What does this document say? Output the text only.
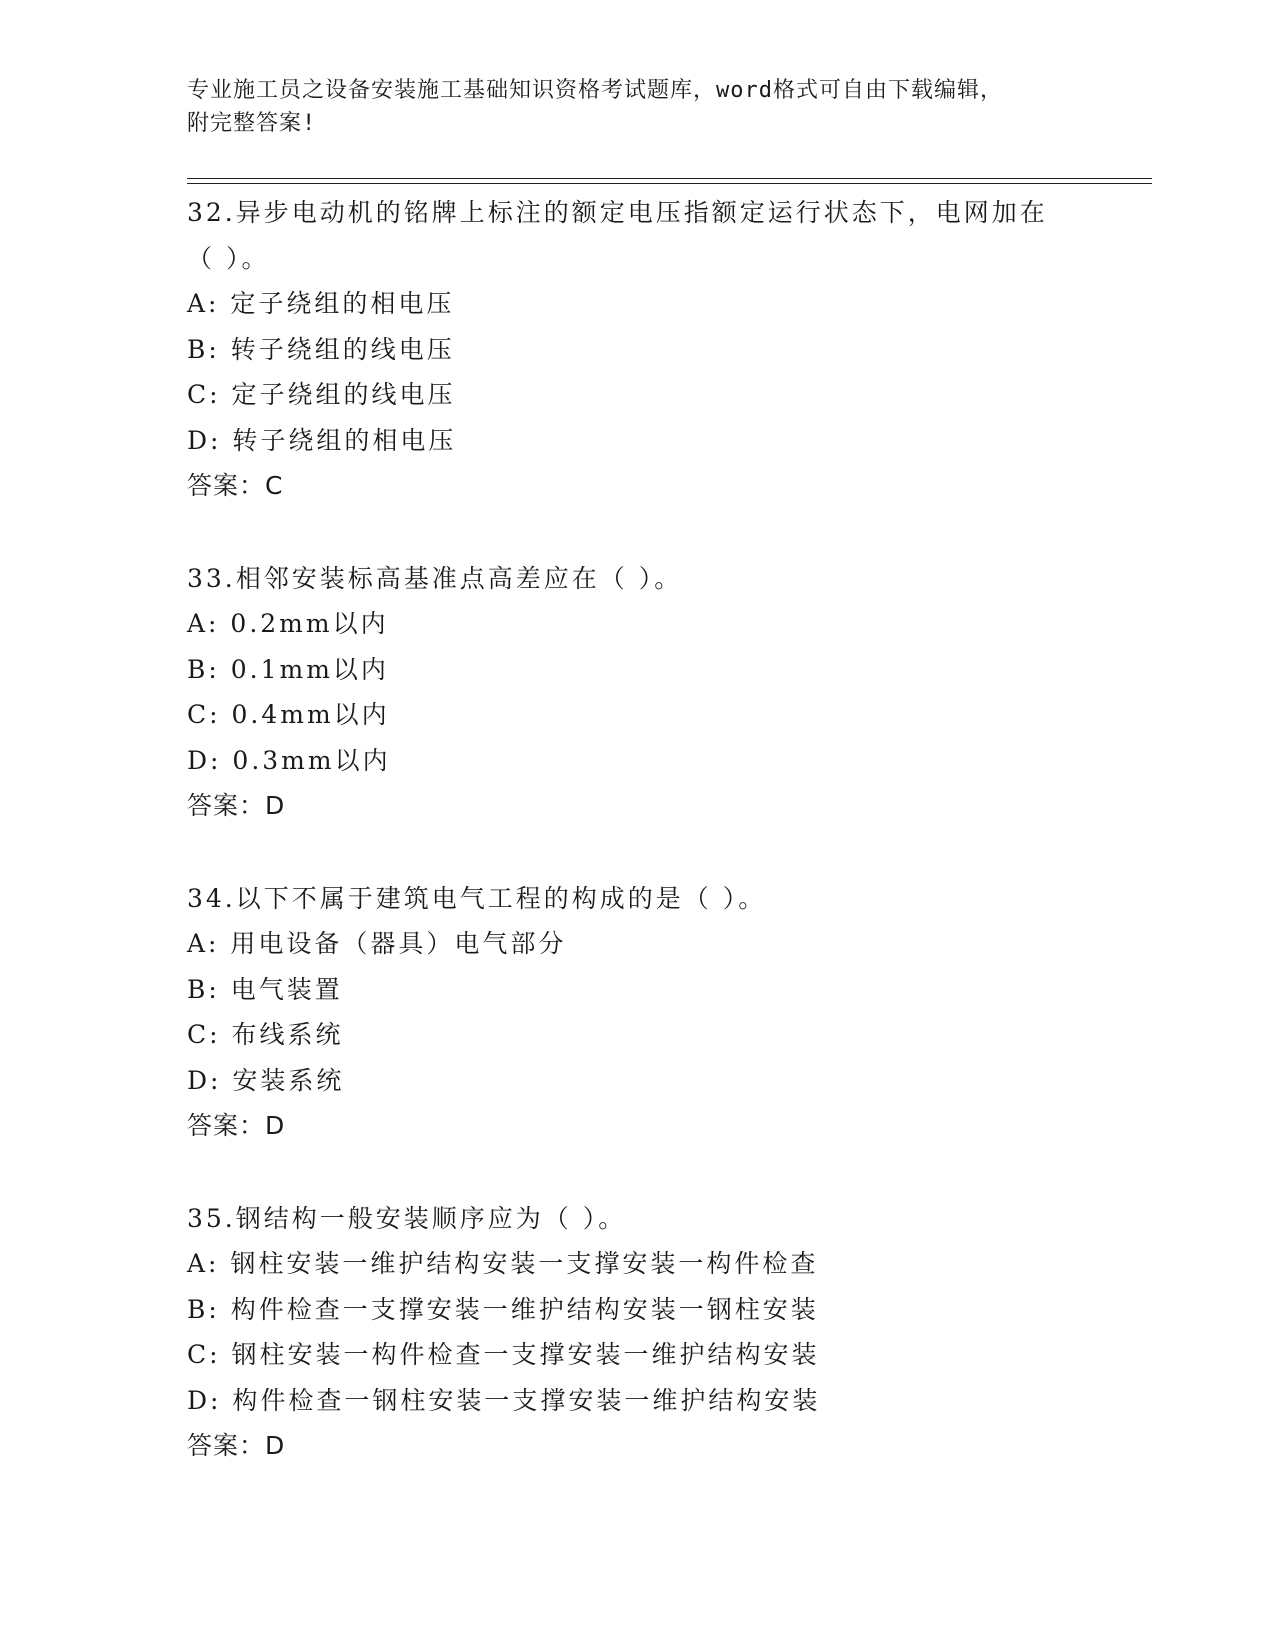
专业施工员之设备安装施工基础知识资格考试题库，word格式可自由下载编辑，
附完整答案!
32.异步电动机的铭牌上标注的额定电压指额定运行状态下，电网加在
（ ）。
A: 定子绕组的相电压
B: 转子绕组的线电压
C: 定子绕组的线电压
D: 转子绕组的相电压
答案：C
33.相邻安装标高基准点高差应在（ ）。
A: 0.2mm以内
B: 0.1mm以内
C: 0.4mm以内
D: 0.3mm以内
答案：D
34.以下不属于建筑电气工程的构成的是（ ）。
A: 用电设备（器具）电气部分
B: 电气装置
C: 布线系统
D: 安装系统
答案：D
35.钢结构一般安装顺序应为（ ）。
A: 钢柱安装一维护结构安装一支撑安装一构件检查
B: 构件检查一支撑安装一维护结构安装一钢柱安装
C: 钢柱安装一构件检查一支撑安装一维护结构安装
D: 构件检查一钢柱安装一支撑安装一维护结构安装
答案：D
